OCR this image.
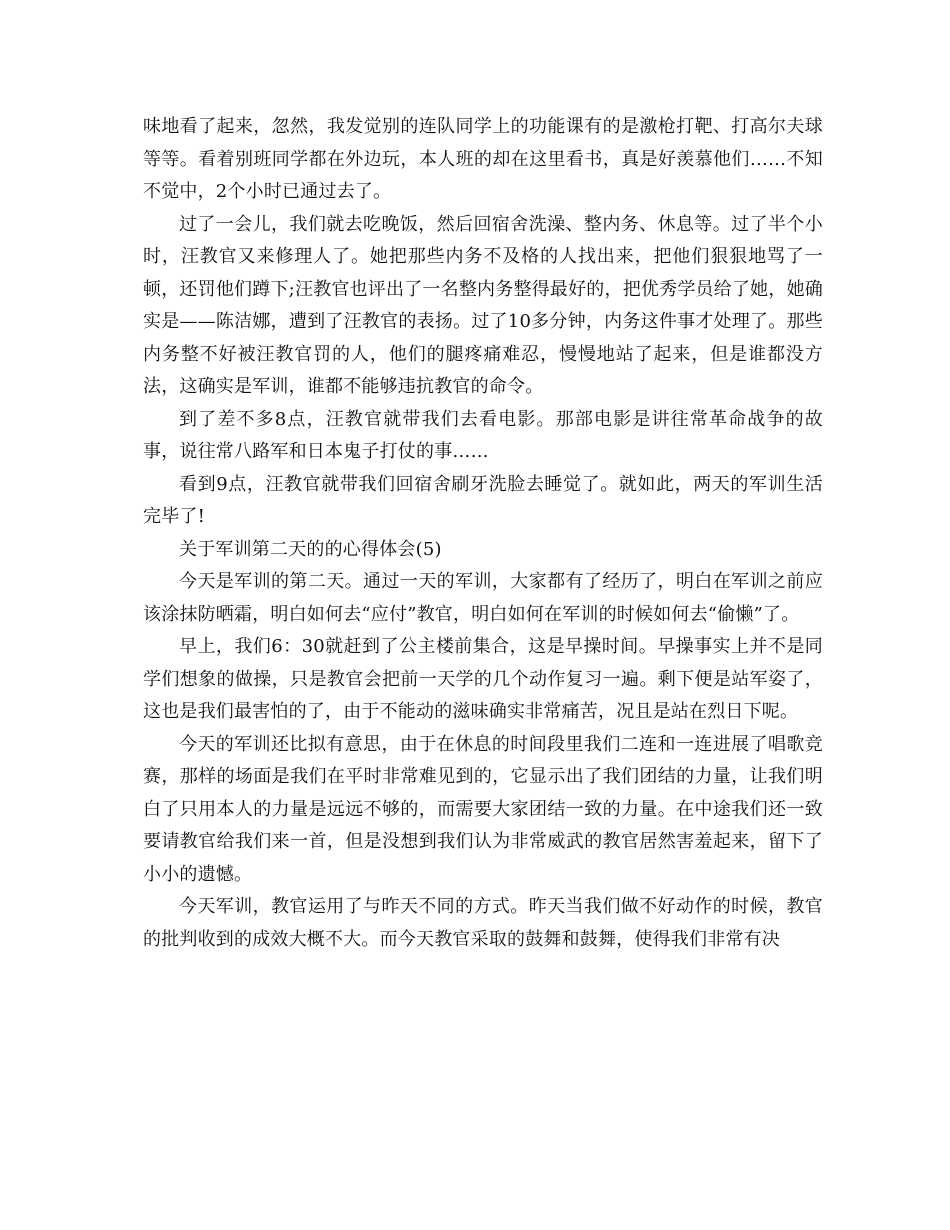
味地看了起来，忽然，我发觉别的连队同学上的功能课有的是激枪打靶、打高尔夫球等等。看着别班同学都在外边玩，本人班的却在这里看书，真是好羡慕他们……不知不觉中，2个小时已通过去了。

过了一会儿，我们就去吃晚饭，然后回宿舍洗澡、整内务、休息等。过了半个小时，汪教官又来修理人了。她把那些内务不及格的人找出来，把他们狠狠地骂了一顿，还罚他们蹲下;汪教官也评出了一名整内务整得最好的，把优秀学员给了她，她确实是——陈洁娜，遭到了汪教官的表扬。过了10多分钟，内务这件事才处理了。那些内务整不好被汪教官罚的人，他们的腿疼痛难忍，慢慢地站了起来，但是谁都没方法，这确实是军训，谁都不能够违抗教官的命令。

到了差不多8点，汪教官就带我们去看电影。那部电影是讲往常革命战争的故事，说往常八路军和日本鬼子打仗的事……

看到9点，汪教官就带我们回宿舍刷牙洗脸去睡觉了。就如此，两天的军训生活完毕了!

关于军训第二天的的心得体会(5)

今天是军训的第二天。通过一天的军训，大家都有了经历了，明白在军训之前应该涂抹防晒霜，明白如何去“应付”教官，明白如何在军训的时候如何去“偷懒”了。

早上，我们6：30就赶到了公主楼前集合，这是早操时间。早操事实上并不是同学们想象的做操，只是教官会把前一天学的几个动作复习一遍。剩下便是站军姿了，这也是我们最害怕的了，由于不能动的滋味确实非常痛苦，况且是站在烈日下呢。

今天的军训还比拟有意思，由于在休息的时间段里我们二连和一连进展了唱歌竞赛，那样的场面是我们在平时非常难见到的，它显示出了我们团结的力量，让我们明白了只用本人的力量是远远不够的，而需要大家团结一致的力量。在中途我们还一致要请教官给我们来一首，但是没想到我们认为非常威武的教官居然害羞起来，留下了小小的遗憾。

今天军训，教官运用了与昨天不同的方式。昨天当我们做不好动作的时候，教官的批判收到的成效大概不大。而今天教官采取的鼓舞和鼓舞，使得我们非常有决
